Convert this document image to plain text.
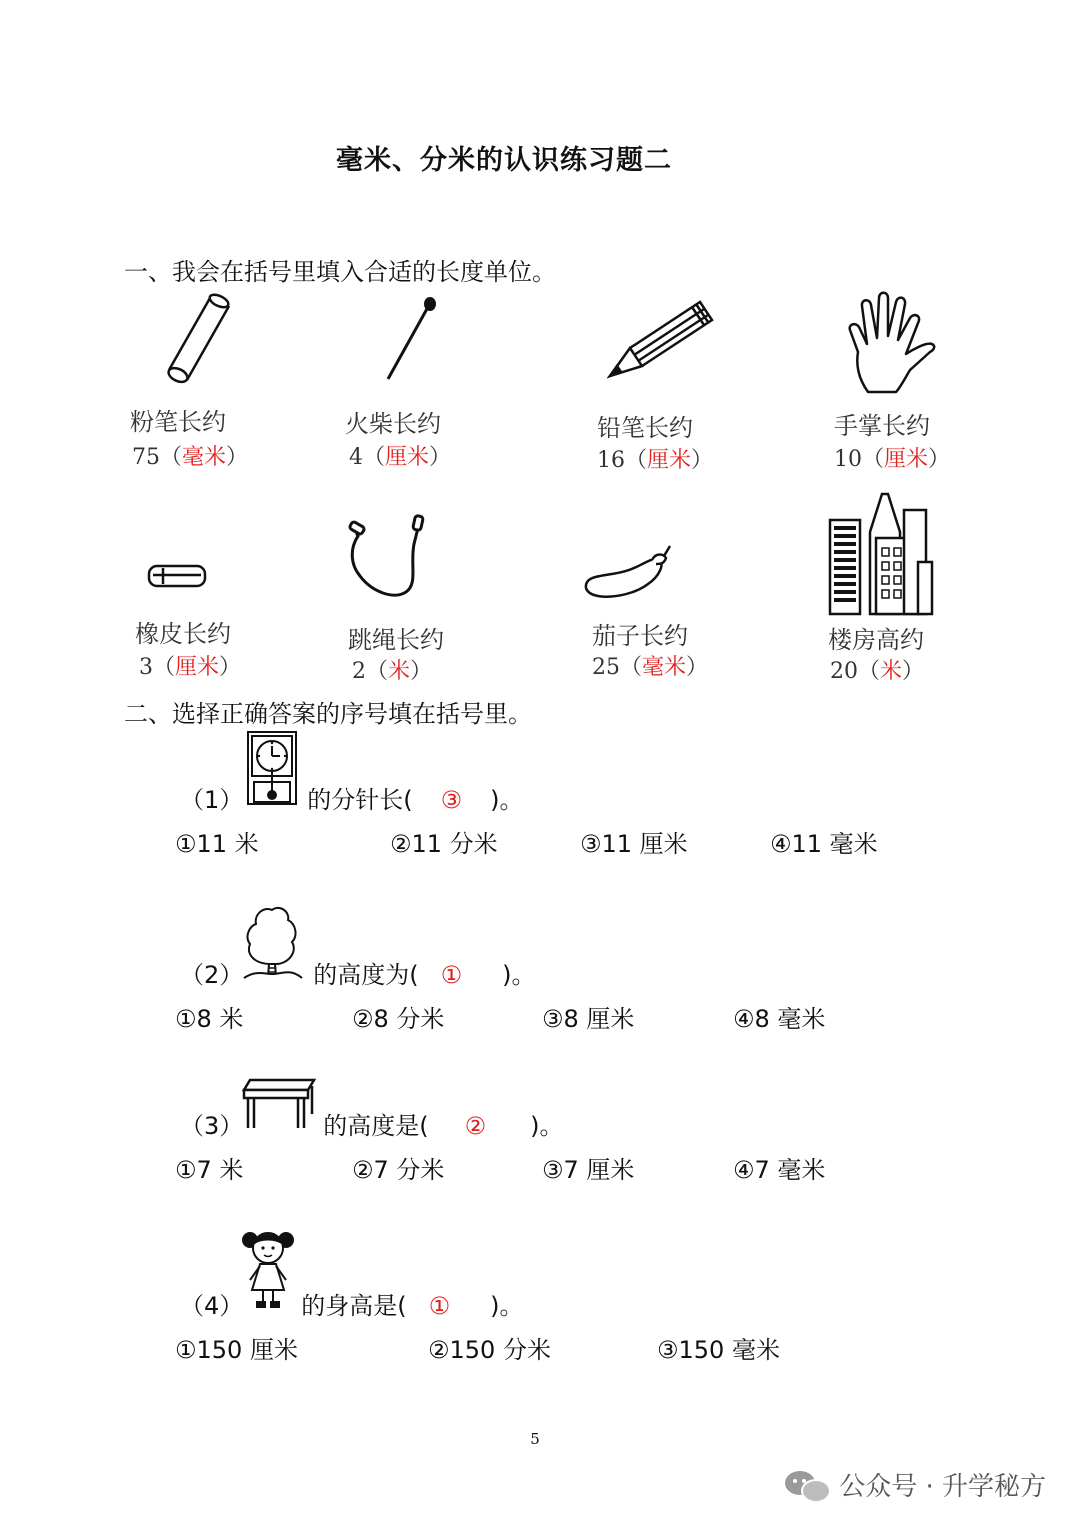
毫米、分米的认识练习题二
一、我会在括号里填入合适的长度单位。
粉笔长约
75（毫米）
火柴长约
4（厘米）
铅笔长约
16（厘米）
手掌长约
10（厘米）
橡皮长约
3（厘米）
跳绳长约
2（米）
茄子长约
25（毫米）
楼房高约
20（米）
二、选择正确答案的序号填在括号里。
（1）	的分针长( ③ )。
①11 米	②11 分米	③11 厘米	④11 毫米
（2）	的高度为( ① )。
①8 米	②8 分米	③8 厘米	④8 毫米
（3）	的高度是( ② )。
①7 米	②7 分米	③7 厘米	④7 毫米
（4） 的身高是( ① )。
①150 厘米	②150 分米	③150 毫米
5
公众号 · 升学秘方
